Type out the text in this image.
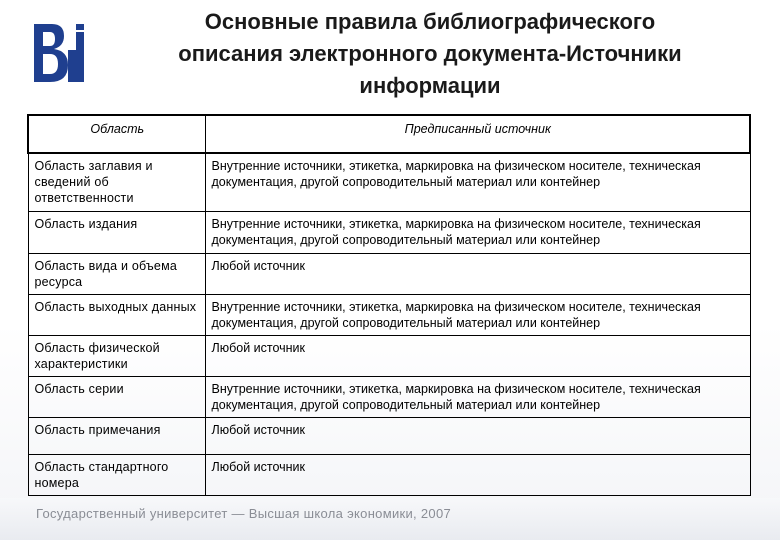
Основные правила библиографического
описания электронного документа-Источники
информации
Область	Предписанный источник
Область заглавия и сведений об ответственности	Внутренние источники, этикетка, маркировка на физическом носителе, техническая документация, другой сопроводительный материал или контейнер
Область издания	Внутренние источники, этикетка, маркировка на физическом носителе, техническая документация, другой сопроводительный материал или контейнер
Область вида и объема ресурса	Любой источник
Область выходных данных	Внутренние источники, этикетка, маркировка на физическом носителе, техническая документация, другой сопроводительный материал или контейнер
Область физической характеристики	Любой источник
Область серии	Внутренние источники, этикетка, маркировка на физическом носителе, техническая документация, другой сопроводительный материал или контейнер
Область примечания	Любой источник
Область стандартного номера	Любой источник
Государственный университет — Высшая школа экономики, 2007
